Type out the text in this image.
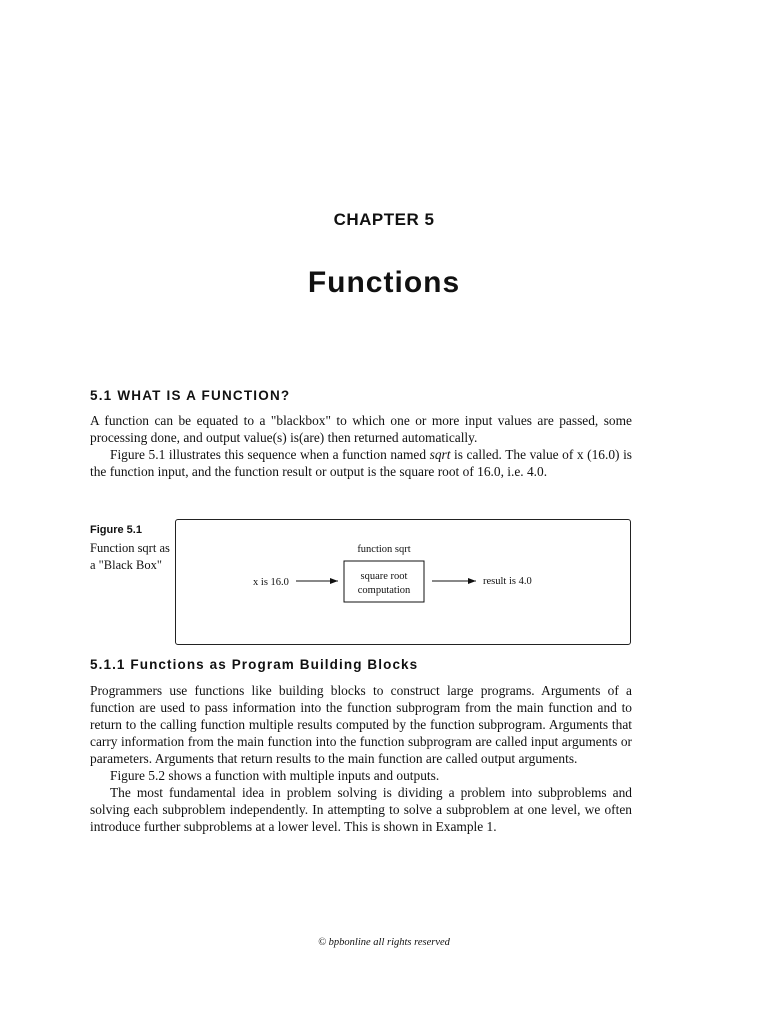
CHAPTER 5
Functions
5.1 WHAT IS A FUNCTION?
A function can be equated to a "blackbox" to which one or more input values are passed, some processing done, and output value(s) is(are) then returned automatically.
Figure 5.1 illustrates this sequence when a function named sqrt is called. The value of x (16.0) is the function input, and the function result or output is the square root of 16.0, i.e. 4.0.
Figure 5.1
Function sqrt as a "Black Box"
function sqrt
x is 16.0
square root
computation
result is 4.0
5.1.1 Functions as Program Building Blocks
Programmers use functions like building blocks to construct large programs. Arguments of a function are used to pass information into the function subprogram from the main function and to return to the calling function multiple results computed by the function subprogram. Arguments that carry information from the main function into the function subprogram are called input arguments or parameters. Arguments that return results to the main function are called output arguments.
Figure 5.2 shows a function with multiple inputs and outputs.
The most fundamental idea in problem solving is dividing a problem into subproblems and solving each subproblem independently. In attempting to solve a subproblem at one level, we often introduce further subproblems at a lower level. This is shown in Example 1.
© bpbonline all rights reserved
